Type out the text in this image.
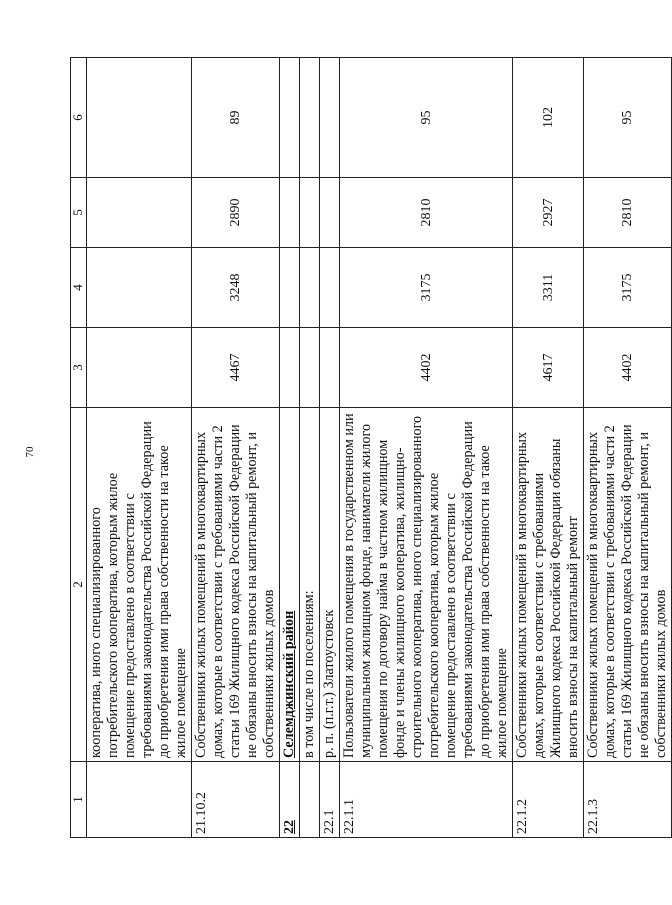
70
1	2	3	4	5	6
	кооператива, иного специализированного потребительского кооператива, которым жилое помещение предоставлено в соответствии с требованиями законодательства Российской Федерации до приобретения ими права собственности на такое жилое помещение				
21.10.2	Собственники жилых помещений в многоквартирных домах, которые в соответствии с требованиями части 2 статьи 169 Жилищного кодекса Российской Федерации не обязаны вносить взносы на капитальный ремонт, и собственники жилых домов	4467	3248	2890	89
22	Селемджинский район				
	в том числе по поселениям:				
22.1	р. п. (п.г.т.) Златоустовск				
22.1.1	Пользователи жилого помещения в государственном или муниципальном жилищном фонде, наниматели жилого помещения по договору найма в частном жилищном фонде и члены жилищного кооператива, жилищно-строительного кооператива, иного специализированного потребительского кооператива, которым жилое помещение предоставлено в соответствии с требованиями законодательства Российской Федерации до приобретения ими права собственности на такое жилое помещение	4402	3175	2810	95
22.1.2	Собственники жилых помещений в многоквартирных домах, которые в соответствии с требованиями Жилищного кодекса Российской Федерации обязаны вносить взносы на капитальный ремонт	4617	3311	2927	102
22.1.3	Собственники жилых помещений в многоквартирных домах, которые в соответствии с требованиями части 2 статьи 169 Жилищного кодекса Российской Федерации не обязаны вносить взносы на капитальный ремонт, и собственники жилых домов	4402	3175	2810	95
